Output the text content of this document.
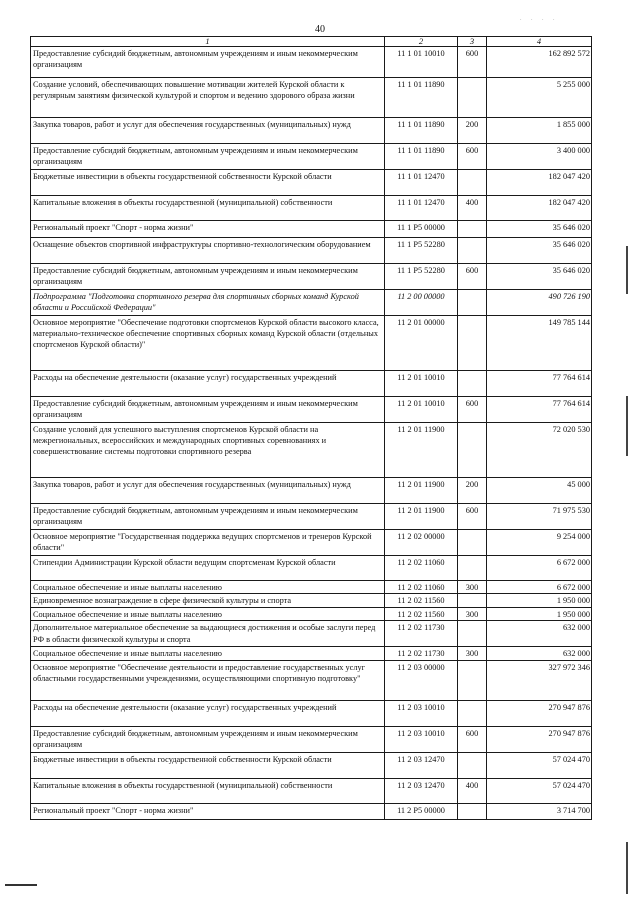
40
. . . .
1	2	3	4
Предоставление субсидий бюджетным, автономным учреждениям и иным некоммерческим организациям	11 1 01 10010	600	162 892 572
Создание условий, обеспечивающих повышение мотивации жителей Курской области к регулярным занятиям физической культурой и спортом и ведению здорового образа жизни	11 1 01 11890		5 255 000
Закупка товаров, работ и услуг для обеспечения государственных (муниципальных) нужд	11 1 01 11890	200	1 855 000
Предоставление субсидий бюджетным, автономным учреждениям и иным некоммерческим организациям	11 1 01 11890	600	3 400 000
Бюджетные инвестиции в объекты государственной собственности Курской области	11 1 01 12470		182 047 420
Капитальные вложения в объекты государственной (муниципальной) собственности	11 1 01 12470	400	182 047 420
Региональный проект "Спорт - норма жизни"	11 1 P5 00000		35 646 020
Оснащение объектов спортивной инфраструктуры спортивно-технологическим оборудованием	11 1 P5 52280		35 646 020
Предоставление субсидий бюджетным, автономным учреждениям и иным некоммерческим организациям	11 1 P5 52280	600	35 646 020
Подпрограмма "Подготовка спортивного резерва для спортивных сборных команд Курской области и Российской Федерации"	11 2 00 00000		490 726 190
Основное мероприятие "Обеспечение подготовки спортсменов Курской области высокого класса, материально-техническое обеспечение спортивных сборных команд Курской области (отдельных спортсменов Курской области)"	11 2 01 00000		149 785 144
Расходы на обеспечение деятельности (оказание услуг) государственных учреждений	11 2 01 10010		77 764 614
Предоставление субсидий бюджетным, автономным учреждениям и иным некоммерческим организациям	11 2 01 10010	600	77 764 614
Создание условий для успешного выступления спортсменов Курской области на межрегиональных, всероссийских и международных спортивных соревнованиях и совершенствование системы подготовки спортивного резерва	11 2 01 11900		72 020 530
Закупка товаров, работ и услуг для обеспечения государственных (муниципальных) нужд	11 2 01 11900	200	45 000
Предоставление субсидий бюджетным, автономным учреждениям и иным некоммерческим организациям	11 2 01 11900	600	71 975 530
Основное мероприятие "Государственная поддержка ведущих спортсменов и тренеров Курской области"	11 2 02 00000		9 254 000
Стипендии Администрации Курской области ведущим спортсменам Курской области	11 2 02 11060		6 672 000
Социальное обеспечение и иные выплаты населению	11 2 02 11060	300	6 672 000
Единовременное вознаграждение в сфере физической культуры и спорта	11 2 02 11560		1 950 000
Социальное обеспечение и иные выплаты населению	11 2 02 11560	300	1 950 000
Дополнительное материальное обеспечение за выдающиеся достижения и особые заслуги перед РФ в области физической культуры и спорта	11 2 02 11730		632 000
Социальное обеспечение и иные выплаты населению	11 2 02 11730	300	632 000
Основное мероприятие "Обеспечение деятельности и предоставление государственных услуг областными государственными учреждениями, осуществляющими спортивную подготовку"	11 2 03 00000		327 972 346
Расходы на обеспечение деятельности (оказание услуг) государственных учреждений	11 2 03 10010		270 947 876
Предоставление субсидий бюджетным, автономным учреждениям и иным некоммерческим организациям	11 2 03 10010	600	270 947 876
Бюджетные инвестиции в объекты государственной собственности Курской области	11 2 03 12470		57 024 470
Капитальные вложения в объекты государственной (муниципальной) собственности	11 2 03 12470	400	57 024 470
Региональный проект "Спорт - норма жизни"	11 2 P5 00000		3 714 700
